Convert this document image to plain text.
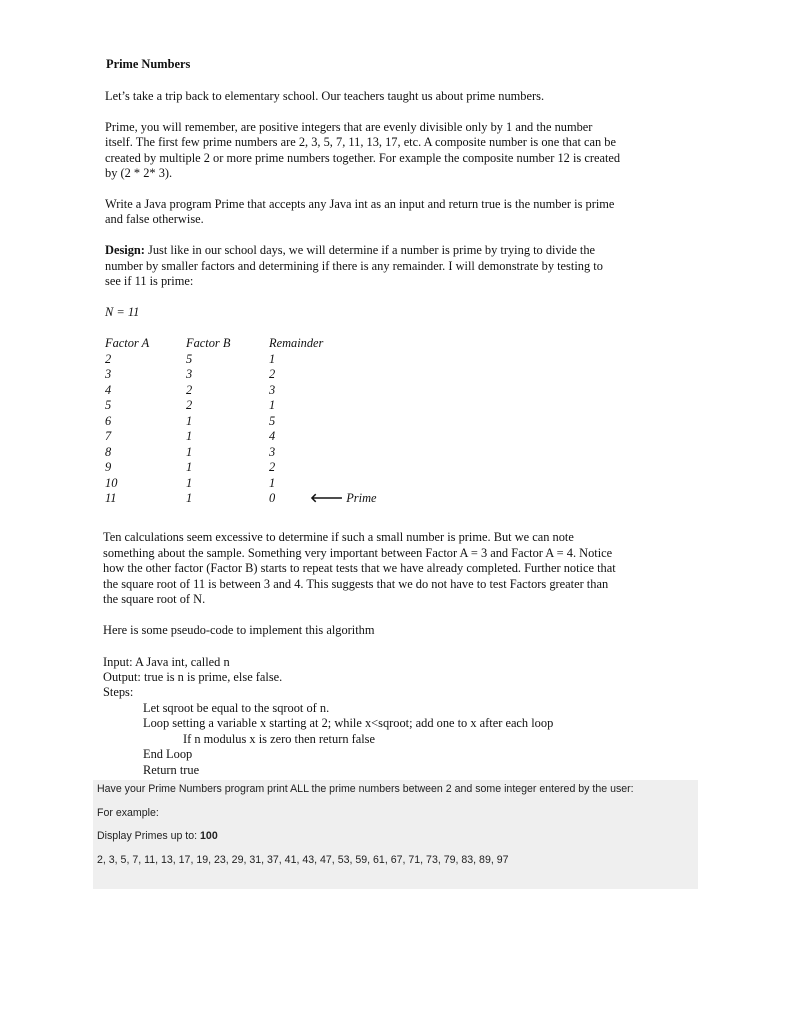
Prime Numbers
Let’s take a trip back to elementary school. Our teachers taught us about prime numbers.
Prime, you will remember, are positive integers that are evenly divisible only by 1 and the number
itself. The first few prime numbers are 2, 3, 5, 7, 11, 13, 17, etc. A composite number is one that can be
created by multiple 2 or more prime numbers together. For example the composite number 12 is created
by (2 * 2* 3).
Write a Java program Prime that accepts any Java int as an input and return true is the number is prime
and false otherwise.
Design: Just like in our school days, we will determine if a number is prime by trying to divide the
number by smaller factors and determining if there is any remainder. I will demonstrate by testing to
see if 11 is prime:
N = 11
Factor A	Factor B	Remainder
2	5	1
3	3	2
4	2	3
5	2	1
6	1	5
7	1	4
8	1	3
9	1	2
10	1	1
11	1	0	🡐 Prime
Ten calculations seem excessive to determine if such a small number is prime. But we can note
something about the sample. Something very important between Factor A = 3 and Factor A = 4. Notice
how the other factor (Factor B) starts to repeat tests that we have already completed. Further notice that
the square root of 11 is between 3 and 4. This suggests that we do not have to test Factors greater than
the square root of N.
Here is some pseudo-code to implement this algorithm
Input: A Java int, called n
Output: true is n is prime, else false.
Steps:
Let sqroot be equal to the sqroot of n.
Loop setting a variable x starting at 2; while x<sqroot; add one to x after each loop
If n modulus x is zero then return false
End Loop
Return true
Have your Prime Numbers program print ALL the prime numbers between 2 and some integer entered by the user:
For example:
Display Primes up to: 100
2, 3, 5, 7, 11, 13, 17, 19, 23, 29, 31, 37, 41, 43, 47, 53, 59, 61, 67, 71, 73, 79, 83, 89, 97
